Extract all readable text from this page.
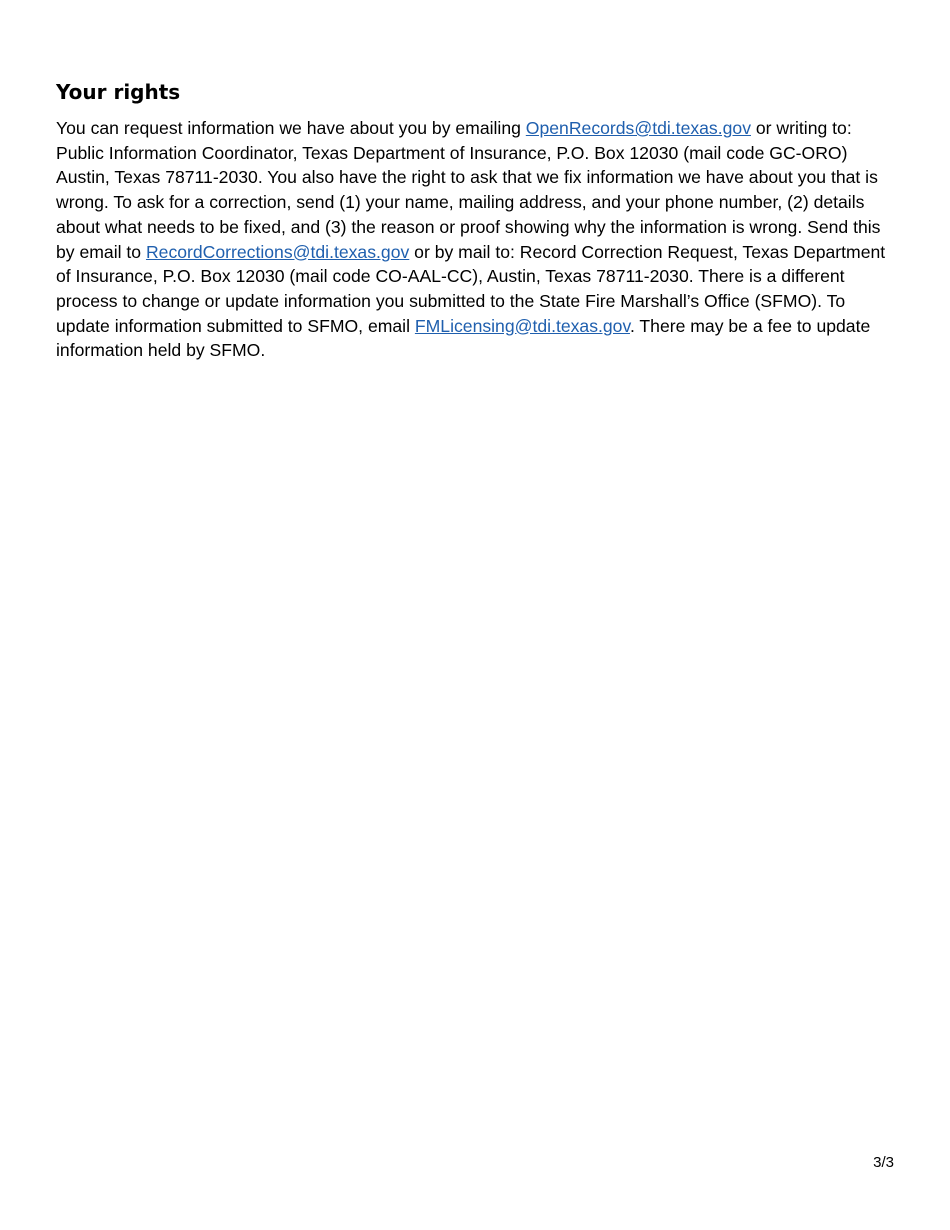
Your rights

You can request information we have about you by emailing OpenRecords@tdi.texas.gov or writing to: Public Information Coordinator, Texas Department of Insurance, P.O. Box 12030 (mail code GC-ORO) Austin, Texas 78711-2030. You also have the right to ask that we fix information we have about you that is wrong. To ask for a correction, send (1) your name, mailing address, and your phone number, (2) details about what needs to be fixed, and (3) the reason or proof showing why the information is wrong. Send this by email to RecordCorrections@tdi.texas.gov or by mail to: Record Correction Request, Texas Department of Insurance, P.O. Box 12030 (mail code CO-AAL-CC), Austin, Texas 78711-2030. There is a different process to change or update information you submitted to the State Fire Marshall’s Office (SFMO). To update information submitted to SFMO, email FMLicensing@tdi.texas.gov. There may be a fee to update information held by SFMO.

3/3
